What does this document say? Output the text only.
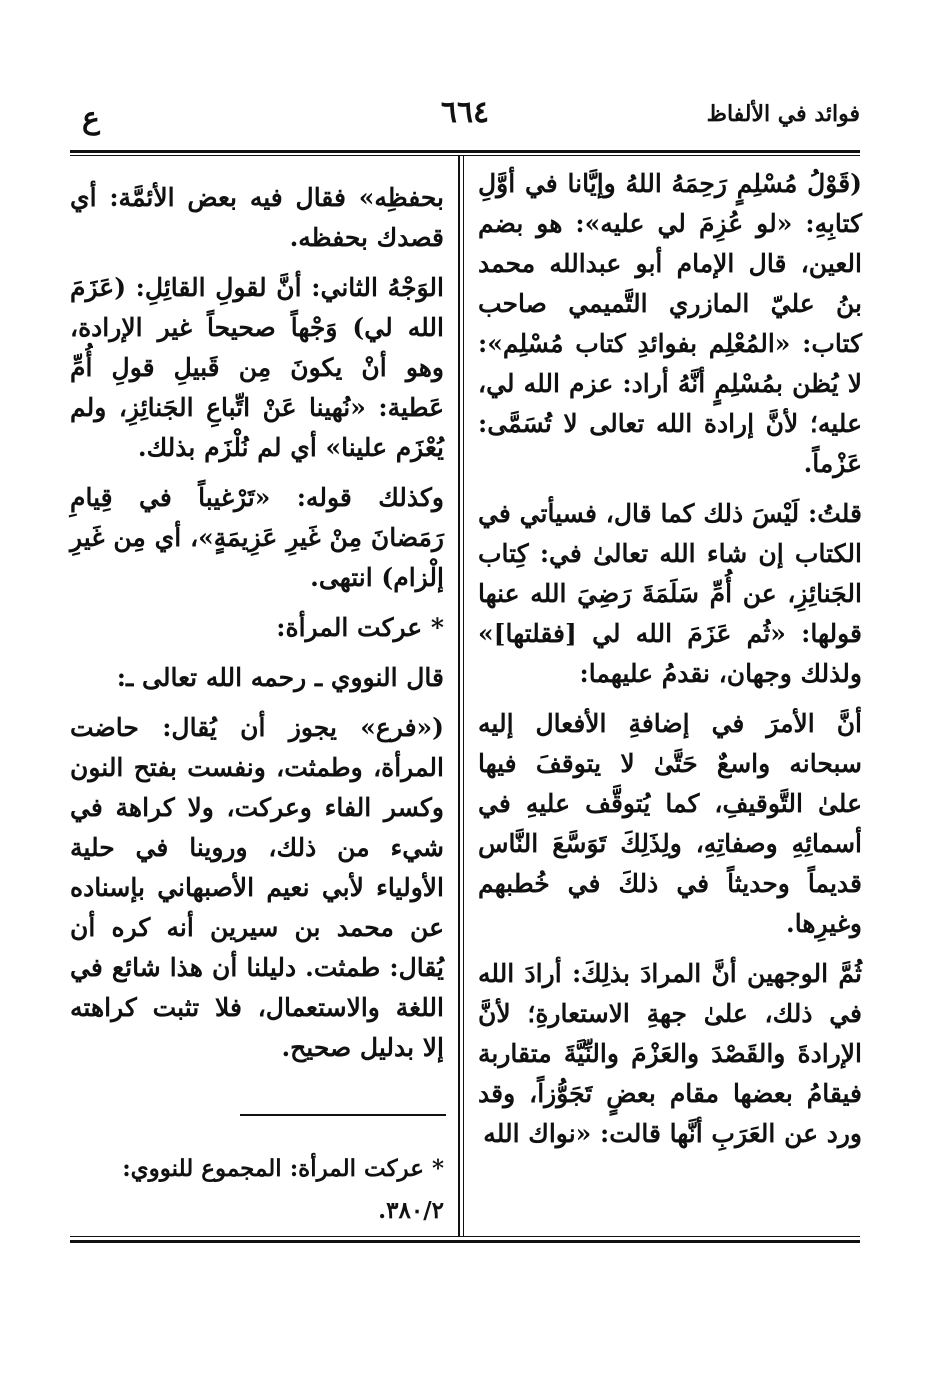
فوائد في الألفاظ
٦٦٤
ع

(قَوْلُ مُسْلِمٍ رَحِمَهُ اللهُ وإيَّانا في أوَّلِ كتابِهِ: «لو عُزِمَ لي عليه»: هو بضم العين، قال الإمام أبو عبدالله محمد بنُ عليّ المازري التَّميمي صاحب كتاب: «المُعْلِم بفوائدِ كتاب مُسْلِم»: لا يُظن بمُسْلِمٍ أنَّهُ أراد: عزم الله لي، عليه؛ لأنَّ إرادة الله تعالى لا تُسَمَّى: عَزْماً.

قلتُ: لَيْسَ ذلك كما قال، فسيأتي في الكتاب إن شاء الله تعالىٰ في: كِتاب الجَنائِزِ، عن أُمِّ سَلَمَةَ رَضِيَ الله عنها قولها: «ثُم عَزَمَ الله لي [فقلتها]» ولذلك وجهان، نقدمُ عليهما:

أنَّ الأمرَ في إضافةِ الأفعال إليه سبحانه واسعٌ حَتَّىٰ لا يتوقفَ فيها علىٰ التَّوقيفِ، كما يُتوقَّف عليهِ في أسمائِهِ وصفاتِهِ، ولِذَلِكَ تَوَسَّعَ النَّاس قديماً وحديثاً في ذلكَ في خُطبهم وغيرِها.

ثُمَّ الوجهين أنَّ المرادَ بذلِكَ: أرادَ الله في ذلك، علىٰ جهةِ الاستعارةِ؛ لأنَّ الإرادةَ والقَصْدَ والعَزْمَ والنِّيَّةَ متقاربة فيقامُ بعضها مقام بعضٍ تَجَوُّزاً، وقد ورد عن العَرَبِ أنَّها قالت: «نواك الله

بحفظِه» فقال فيه بعض الأئمَّة: أي قصدك بحفظه.

الوَجْهُ الثاني: أنَّ لقولِ القائِلِ: (عَزَمَ الله لي) وَجْهاً صحيحاً غير الإرادة، وهو أنْ يكونَ مِن قَبيلِ قولِ أُمِّ عَطية: «نُهينا عَنْ اتِّباعِ الجَنائِزِ، ولم يُعْزَم علينا» أي لم نُلْزَم بذلك.

وكذلك قوله: «تَرْغيباً في قِيامِ رَمَضانَ مِنْ غَيرِ عَزِيمَةٍ»، أي مِن غَيرِ إلْزام) انتهى.

* عركت المرأة:

قال النووي ـ رحمه الله تعالى ـ:

(«فرع» يجوز أن يُقال: حاضت المرأة، وطمثت، ونفست بفتح النون وكسر الفاء وعركت، ولا كراهة في شيء من ذلك، وروينا في حلية الأولياء لأبي نعيم الأصبهاني بإسناده عن محمد بن سيرين أنه كره أن يُقال: طمثت. دليلنا أن هذا شائع في اللغة والاستعمال، فلا تثبت كراهته إلا بدليل صحيح.

* عركت المرأة: المجموع للنووي: ٣٨٠/٢.
